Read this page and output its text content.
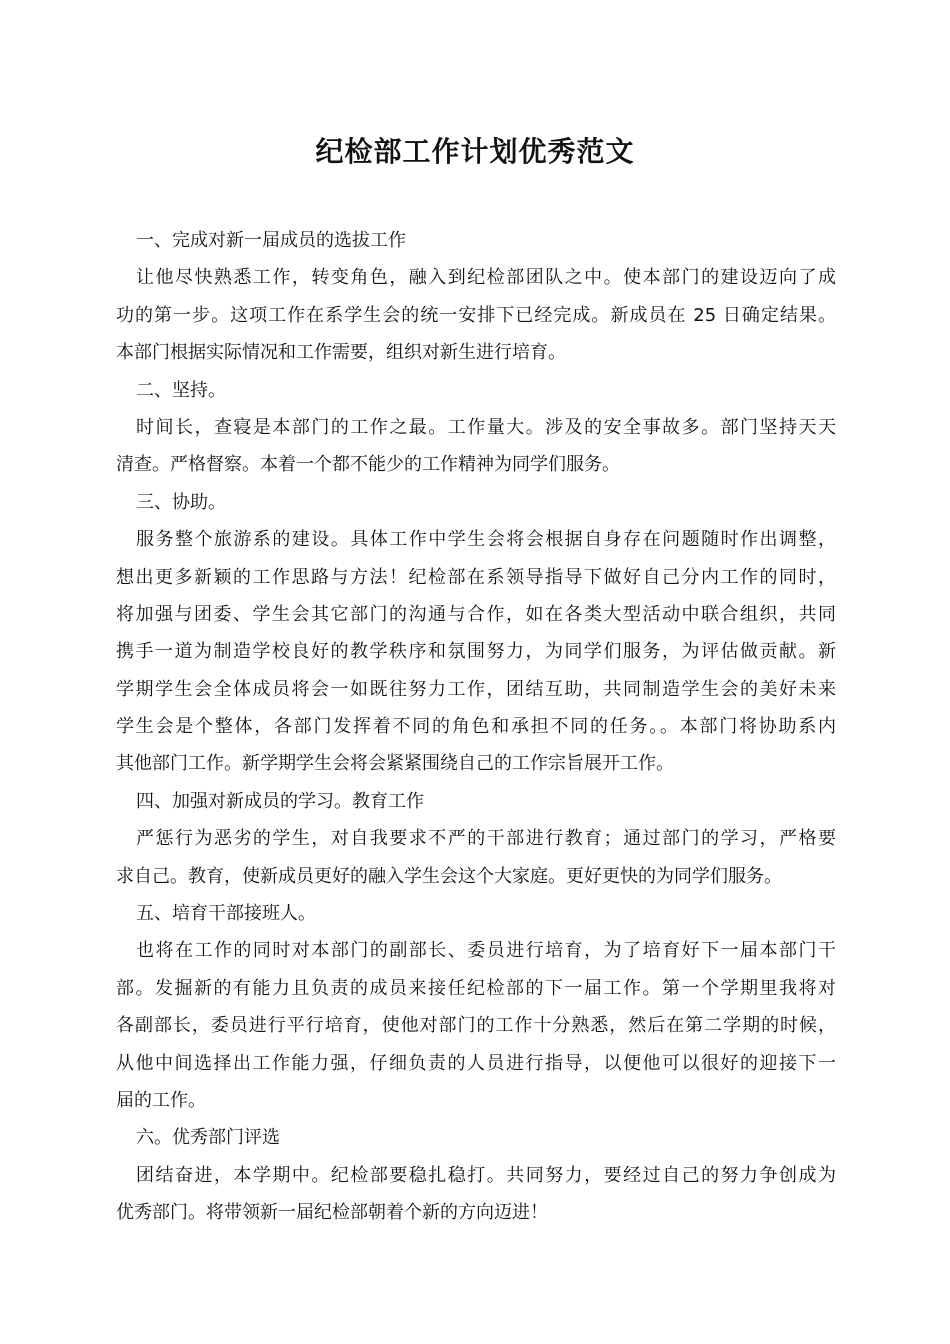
纪检部工作计划优秀范文
一、完成对新一届成员的选拔工作
让他尽快熟悉工作，转变角色，融入到纪检部团队之中。使本部门的建设迈向了成
功的第一步。这项工作在系学生会的统一安排下已经完成。新成员在 25 日确定结果。
本部门根据实际情况和工作需要，组织对新生进行培育。
二、坚持。
时间长，查寝是本部门的工作之最。工作量大。涉及的安全事故多。部门坚持天天
清查。严格督察。本着一个都不能少的工作精神为同学们服务。
三、协助。
服务整个旅游系的建设。具体工作中学生会将会根据自身存在问题随时作出调整，
想出更多新颖的工作思路与方法！纪检部在系领导指导下做好自己分内工作的同时，
将加强与团委、学生会其它部门的沟通与合作，如在各类大型活动中联合组织，共同
携手一道为制造学校良好的教学秩序和氛围努力，为同学们服务，为评估做贡献。新
学期学生会全体成员将会一如既往努力工作，团结互助，共同制造学生会的美好未来
学生会是个整体，各部门发挥着不同的角色和承担不同的任务。。本部门将协助系内
其他部门工作。新学期学生会将会紧紧围绕自己的工作宗旨展开工作。
四、加强对新成员的学习。教育工作
严惩行为恶劣的学生，对自我要求不严的干部进行教育；通过部门的学习，严格要
求自己。教育，使新成员更好的融入学生会这个大家庭。更好更快的为同学们服务。
五、培育干部接班人。
也将在工作的同时对本部门的副部长、委员进行培育，为了培育好下一届本部门干
部。发掘新的有能力且负责的成员来接任纪检部的下一届工作。第一个学期里我将对
各副部长，委员进行平行培育，使他对部门的工作十分熟悉，然后在第二学期的时候，
从他中间选择出工作能力强，仔细负责的人员进行指导，以便他可以很好的迎接下一
届的工作。
六。优秀部门评选
团结奋进，本学期中。纪检部要稳扎稳打。共同努力，要经过自己的努力争创成为
优秀部门。将带领新一届纪检部朝着个新的方向迈进！
